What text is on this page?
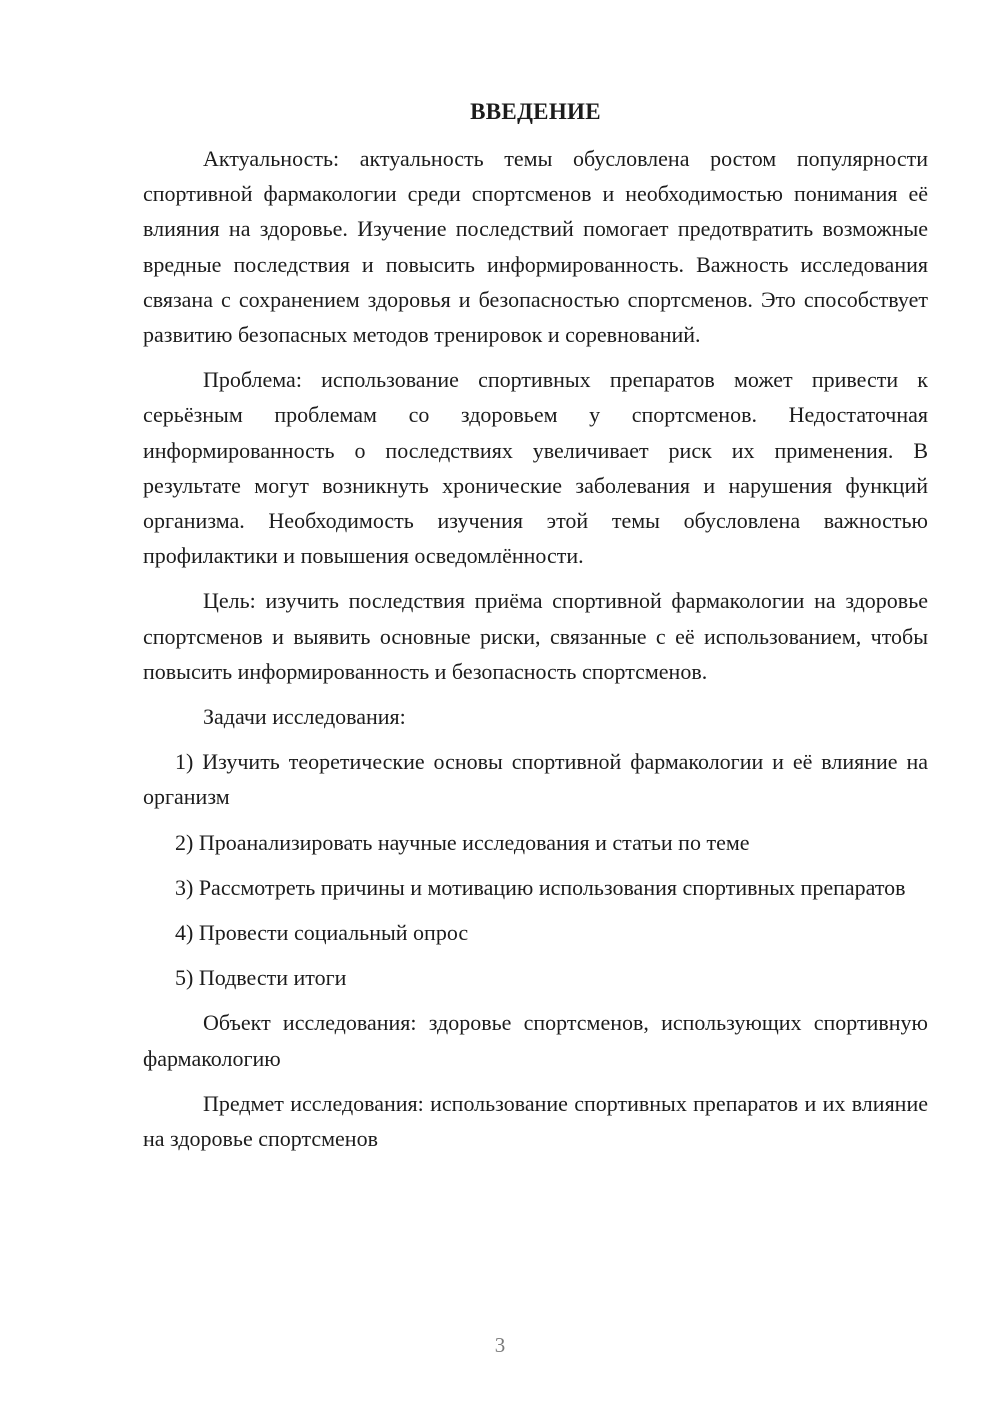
ВВЕДЕНИЕ

Актуальность: актуальность темы обусловлена ростом популярности спортивной фармакологии среди спортсменов и необходимостью понимания её влияния на здоровье. Изучение последствий помогает предотвратить возможные вредные последствия и повысить информированность. Важность исследования связана с сохранением здоровья и безопасностью спортсменов. Это способствует развитию безопасных методов тренировок и соревнований.

Проблема: использование спортивных препаратов может привести к серьёзным проблемам со здоровьем у спортсменов. Недостаточная информированность о последствиях увеличивает риск их применения. В результате могут возникнуть хронические заболевания и нарушения функций организма. Необходимость изучения этой темы обусловлена важностью профилактики и повышения осведомлённости.

Цель: изучить последствия приёма спортивной фармакологии на здоровье спортсменов и выявить основные риски, связанные с её использованием, чтобы повысить информированность и безопасность спортсменов.

Задачи исследования:

1) Изучить теоретические основы спортивной фармакологии и её влияние на организм

2) Проанализировать научные исследования и статьи по теме

3) Рассмотреть причины и мотивацию использования спортивных препаратов

4) Провести социальный опрос

5) Подвести итоги

Объект исследования: здоровье спортсменов, использующих спортивную фармакологию

Предмет исследования: использование спортивных препаратов и их влияние на здоровье спортсменов

3
